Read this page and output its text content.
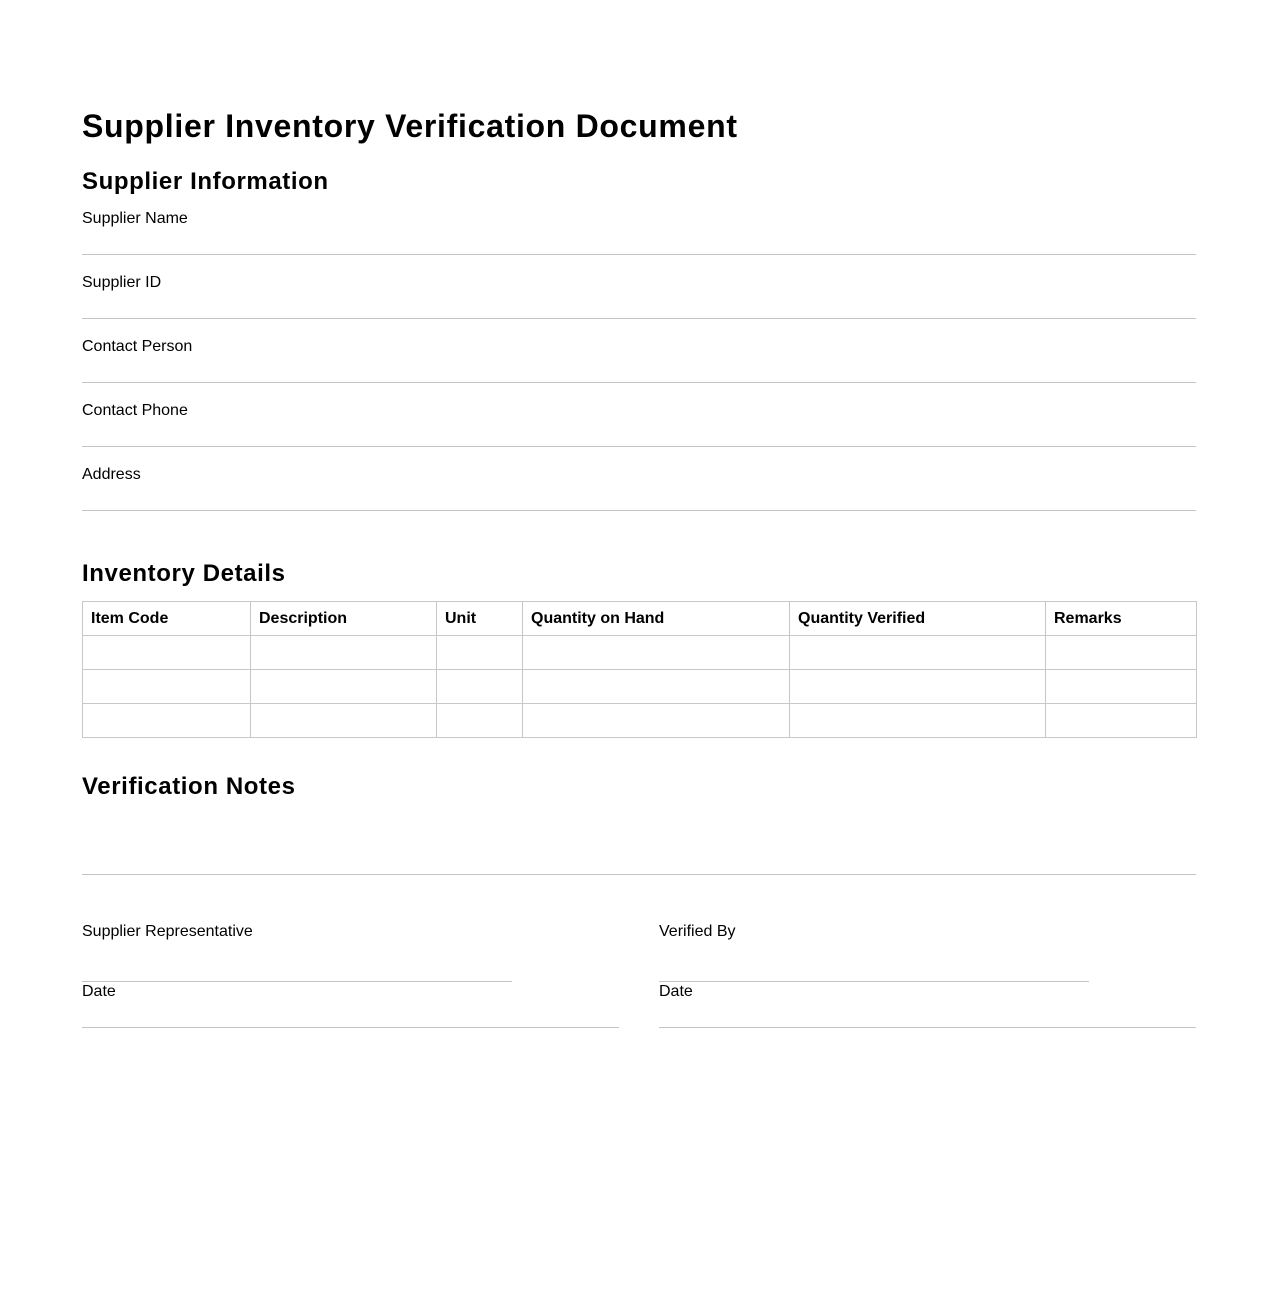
Supplier Inventory Verification Document
Supplier Information
Supplier Name
Supplier ID
Contact Person
Contact Phone
Address
Inventory Details
Item Code	Description	Unit	Quantity on Hand	Quantity Verified	Remarks

Verification Notes
Supplier Representative
Date
Verified By
Date
